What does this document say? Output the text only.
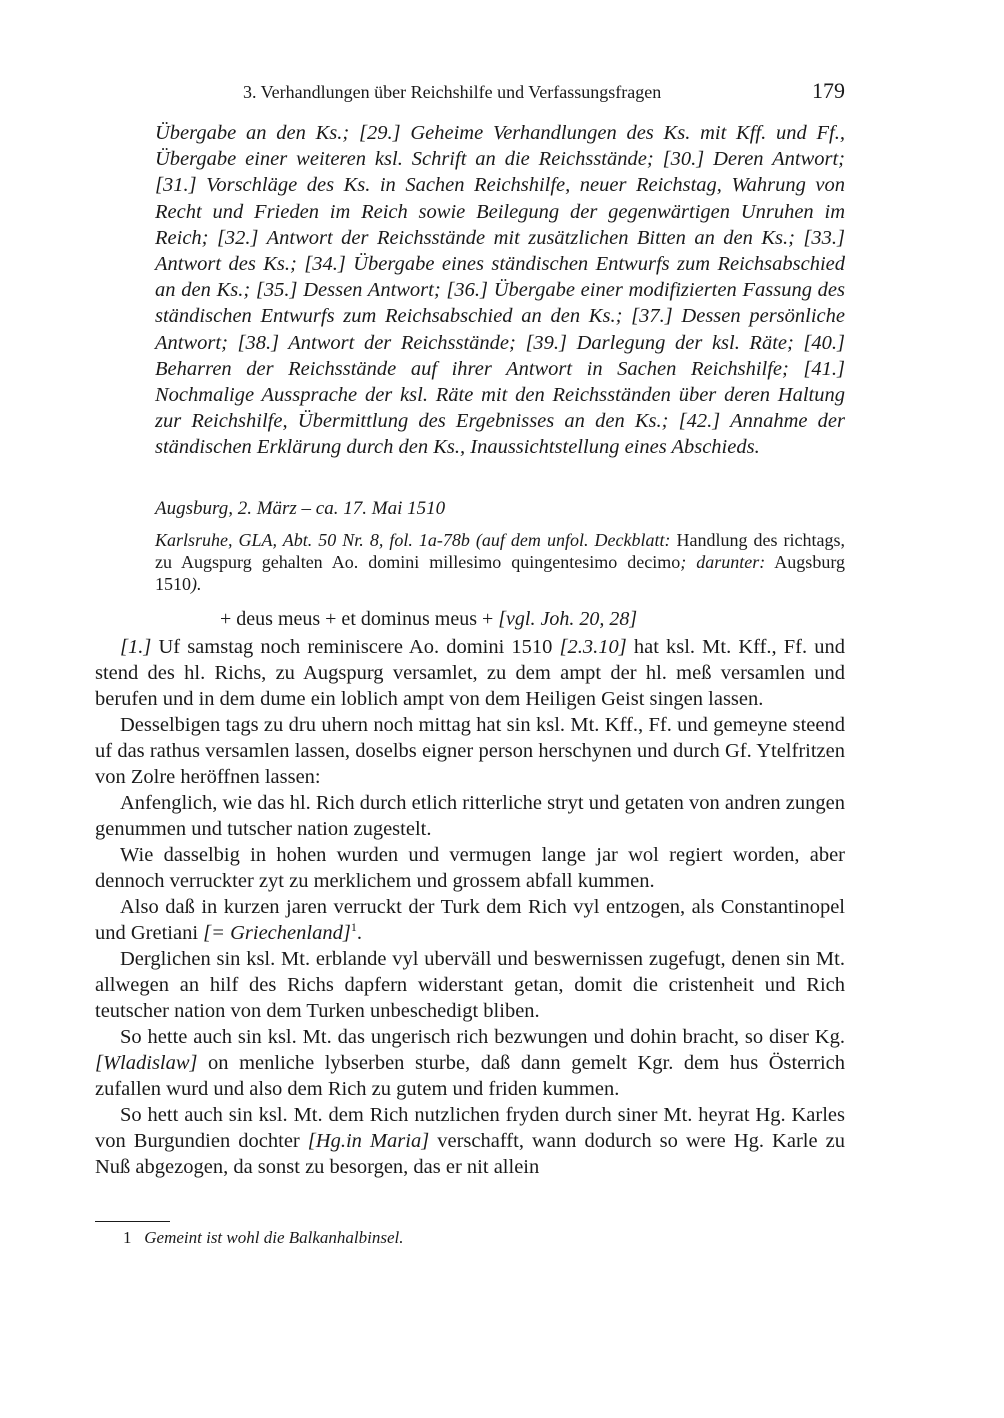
3. Verhandlungen über Reichshilfe und Verfassungsfragen	179
Übergabe an den Ks.; [29.] Geheime Verhandlungen des Ks. mit Kff. und Ff., Übergabe einer weiteren ksl. Schrift an die Reichsstände; [30.] Deren Antwort; [31.] Vorschläge des Ks. in Sachen Reichshilfe, neuer Reichstag, Wahrung von Recht und Frieden im Reich sowie Beilegung der gegenwärtigen Unruhen im Reich; [32.] Antwort der Reichsstände mit zusätzlichen Bitten an den Ks.; [33.] Antwort des Ks.; [34.] Übergabe eines ständischen Entwurfs zum Reichsabschied an den Ks.; [35.] Dessen Antwort; [36.] Übergabe einer modifizierten Fassung des ständischen Entwurfs zum Reichsabschied an den Ks.; [37.] Dessen persönliche Antwort; [38.] Antwort der Reichsstände; [39.] Darlegung der ksl. Räte; [40.] Beharren der Reichsstände auf ihrer Antwort in Sachen Reichshilfe; [41.] Nochmalige Aussprache der ksl. Räte mit den Reichsständen über deren Haltung zur Reichshilfe, Übermittlung des Ergebnisses an den Ks.; [42.] Annahme der ständischen Erklärung durch den Ks., Inaussichtstellung eines Abschieds.
Augsburg, 2. März – ca. 17. Mai 1510
Karlsruhe, GLA, Abt. 50 Nr. 8, fol. 1a-78b (auf dem unfol. Deckblatt: Handlung des richtags, zu Augspurg gehalten Ao. domini millesimo quingentesimo decimo; darunter: Augsburg 1510).
+ deus meus + et dominus meus + [vgl. Joh. 20, 28]

[1.] Uf samstag noch reminiscere Ao. domini 1510 [2.3.10] hat ksl. Mt. Kff., Ff. und stend des hl. Richs, zu Augspurg versamlet, zu dem ampt der hl. meß versamlen und berufen und in dem dume ein loblich ampt von dem Heiligen Geist singen lassen.

Desselbigen tags zu dru uhern noch mittag hat sin ksl. Mt. Kff., Ff. und gemeyne steend uf das rathus versamlen lassen, doselbs eigner person herschynen und durch Gf. Ytelfritzen von Zolre heröffnen lassen:

Anfenglich, wie das hl. Rich durch etlich ritterliche stryt und getaten von andren zungen genummen und tutscher nation zugestelt.

Wie dasselbig in hohen wurden und vermugen lange jar wol regiert worden, aber dennoch verruckter zyt zu merklichem und grossem abfall kummen.

Also daß in kurzen jaren verruckt der Turk dem Rich vyl entzogen, als Constantinopel und Gretiani [= Griechenland]$^1$.

Derglichen sin ksl. Mt. erblande vyl uberväll und beswernissen zugefugt, denen sin Mt. allwegen an hilf des Richs dapfern widerstant getan, domit die cristenheit und Rich teutscher nation von dem Turken unbeschedigt bliben.

So hette auch sin ksl. Mt. das ungerisch rich bezwungen und dohin bracht, so diser Kg. [Wladislaw] on menliche lybserben sturbe, daß dann gemelt Kgr. dem hus Österrich zufallen wurd und also dem Rich zu gutem und friden kummen.

So hett auch sin ksl. Mt. dem Rich nutzlichen fryden durch siner Mt. heyrat Hg. Karles von Burgundien dochter [Hg.in Maria] verschafft, wann dodurch so were Hg. Karle zu Nuß abgezogen, da sonst zu besorgen, das er nit allein

1 Gemeint ist wohl die Balkanhalbinsel.
